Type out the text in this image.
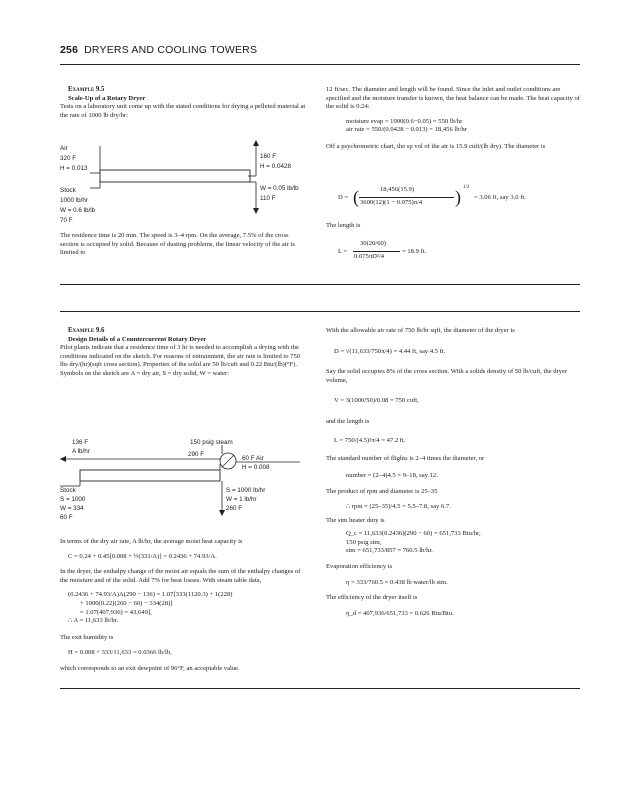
256 DRYERS AND COOLING TOWERS

Example 9.5

Scale-Up of a Rotary Dryer

Tests on a laboratory unit come up with the stated conditions for drying a pelleted material at the rate of 1000 lb dry/hr:

Air
320 F
H = 0.013
160 F
H = 0.0428
W = 0.05 lb/lb
110 F
Stock
1000 lb/hr
W = 0.6 lb/lb
70 F

The residence time is 20 min. The speed is 3–4 rpm. On the average, 7.5% of the cross section is occupied by solid. Because of dusting problems, the linear velocity of the air is limited to

12 ft/sec. The diameter and length will be found. Since the inlet and outlet conditions are specified and the moisture transfer is known, the heat balance can be made. The heat capacity of the solid is 0.24:

moisture evap = 1000(0.6−0.05) = 550 lb/hr

air rate = 550/(0.0428 − 0.013) = 18,456 lb/hr

Off a psychrometric chart, the sp vol of the air is 15.9 cuft/(lb dry). The diameter is

D = (	18,456(15.9)
3600(12)(1 − 0.075)π/4 ) 1/2
= 3.06 ft, say 3.0 ft.

The length is

L =
30(20/60)
0.075πD²/4
= 18.9 ft.

Example 9.6

Design Details of a Countercurrent Rotary Dryer

Pilot plants indicate that a residence time of 3 hr is needed to accomplish a drying with the conditions indicated on the sketch. For reasons of entrainment, the air rate is limited to 750 lbs dry/(hr)(sqft cross section). Properties of the solid are 50 lb/cuft and 0.22 Btu/(lb)(°F). Symbols on the sketch are A = dry air, S = dry solid, W = water:

136 F
A lb/hr
150 psig steam
290 F
60 F Air
H = 0.008
Stock
S = 1000
W = 334
60 F
S = 1000 lb/hr
W = 1 lb/hr
260 F

In terms of the dry air rate, A lb/hr, the average moist heat capacity is

C = 0.24 + 0.45[0.008 + ½(333/A)] = 0.2436 + 74.93/A.

In the dryer, the enthalpy change of the moist air equals the sum of the enthalpy changes of the moisture and of the solid. Add 7% for heat losses. With steam table data,

(0.2436 + 74.93/A)A(290 − 136) = 1.07[333(1120.3) + 1(228)

+ 1000(0.22)(260 − 60) − 334(28)]

= 1.07(407,936) = 43,649],

∴ A = 11,633 lb/hr.

The exit humidity is

H = 0.008 + 333/11,633 = 0.0366 lb/lb,

which corresponds to an exit dewpoint of 96°F, an acceptable value.

With the allowable air rate of 750 lb/hr sqft, the diameter of the dryer is

D = √(11,633/750π/4) = 4.44 ft, say 4.5 ft.

Say the solid occupies 8% of the cross section. With a solids density of 50 lb/cuft, the dryer volume,

V = 3(1000/50)/0.08 = 750 cuft,

and the length is

L = 750/(4.5)²π/4 = 47.2 ft.

The standard number of flights is 2–4 times the diameter, or

number = (2–4)4.5 = 9–18, say 12.

The product of rpm and diameter is 25–35

∴ rpm = (25–35)/4.5 = 5.5–7.8, say 6.7.

The stm heater duty is

Q_c = 11,633(0.2436)(290 − 60) = 651,733 Btu/hr,

150 psig stm,

stm = 651,733/857 = 760.5 lb/hr.

Evaporation efficiency is

η = 333/760.5 = 0.438 lb water/lb stm.

The efficiency of the dryer itself is

η_d = 407,936/651,733 = 0.626 Btu/Btu.
